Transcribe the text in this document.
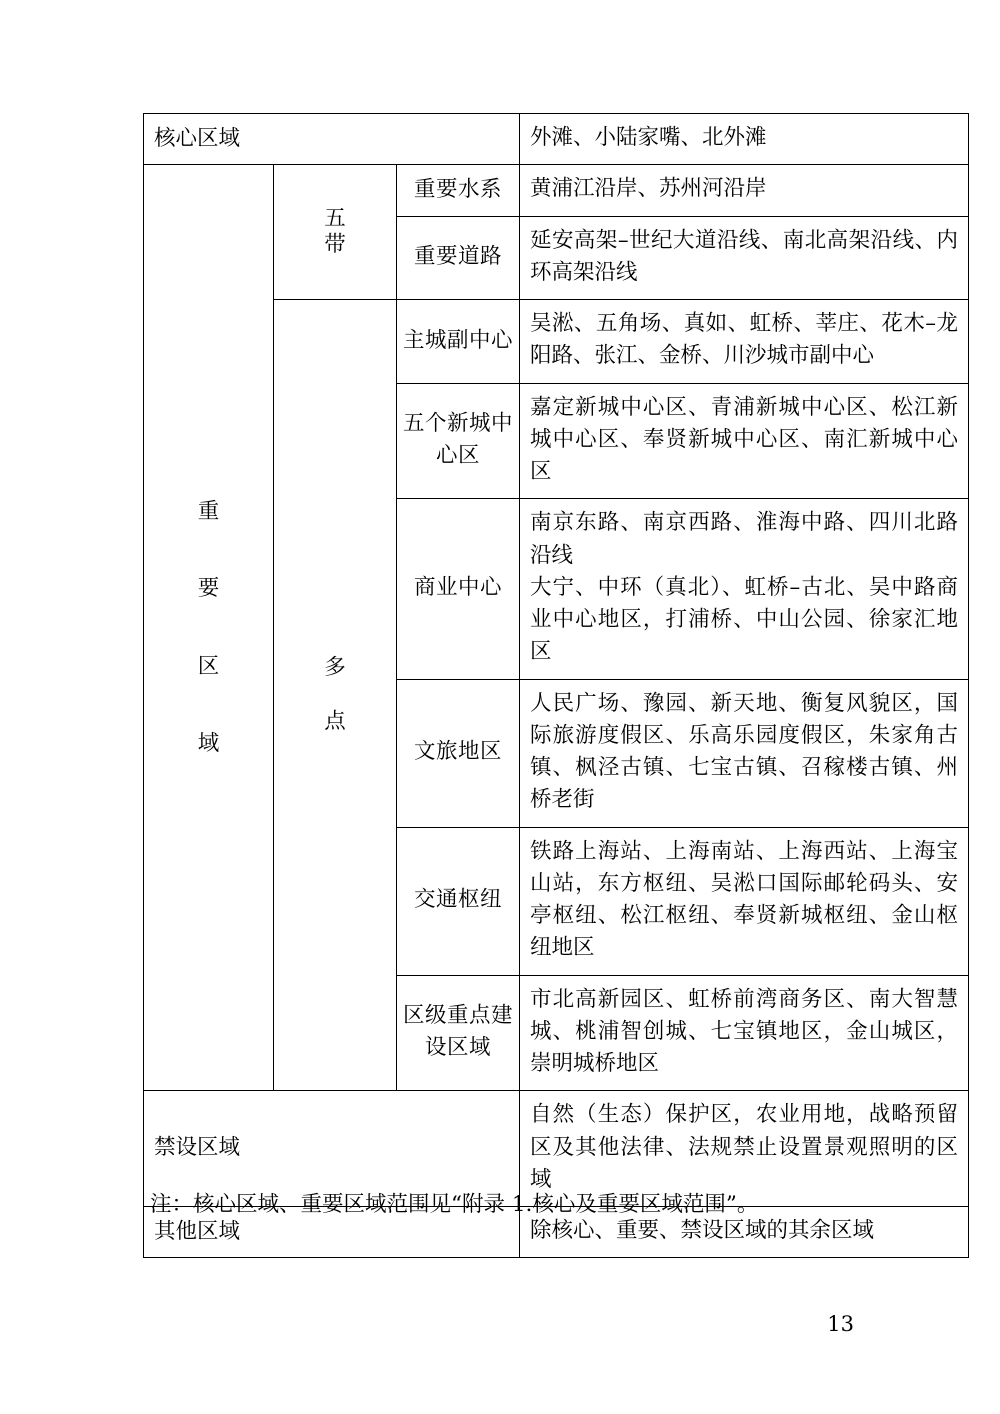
核心区域			外滩、小陆家嘴、北外滩

重
要
区
域	五
带	重要水系	黄浦江沿岸、苏州河沿岸

		重要道路	延安高架–世纪大道沿线、南北高架沿线、内环高架沿线

	多
点	主城副中心	吴淞、五角场、真如、虹桥、莘庄、花木–龙阳路、张江、金桥、川沙城市副中心

		五个新城中心区	嘉定新城中心区、青浦新城中心区、松江新城中心区、奉贤新城中心区、南汇新城中心区

		商业中心	南京东路、南京西路、淮海中路、四川北路沿线

大宁、中环（真北）、虹桥–古北、吴中路商业中心地区，打浦桥、中山公园、徐家汇地区

		文旅地区	人民广场、豫园、新天地、衡复风貌区，国际旅游度假区、乐高乐园度假区，朱家角古镇、枫泾古镇、七宝古镇、召稼楼古镇、州桥老街

		交通枢纽	铁路上海站、上海南站、上海西站、上海宝山站，东方枢纽、吴淞口国际邮轮码头、安亭枢纽、松江枢纽、奉贤新城枢纽、金山枢纽地区

		区级重点建设区域	市北高新园区、虹桥前湾商务区、南大智慧城、桃浦智创城、七宝镇地区，金山城区，崇明城桥地区

禁设区域			自然（生态）保护区，农业用地，战略预留区及其他法律、法规禁止设置景观照明的区域

其他区域			除核心、重要、禁设区域的其余区域
注：核心区域、重要区域范围见“附录 1.核心及重要区域范围”。
13
